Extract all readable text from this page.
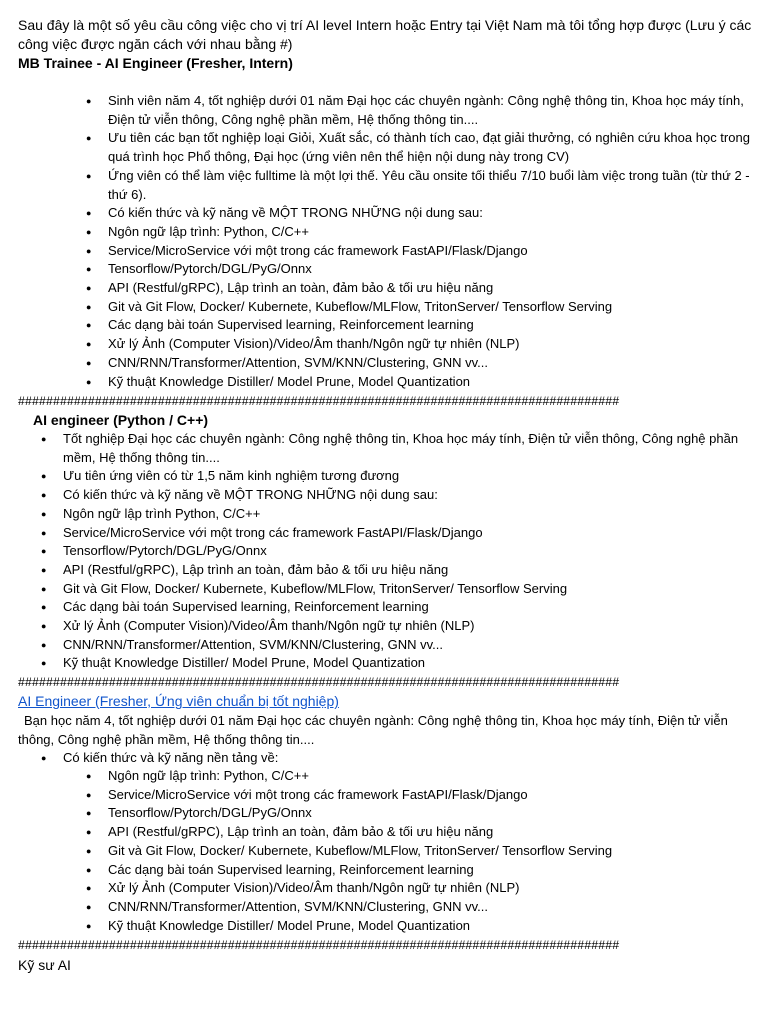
Sau đây là một số yêu cầu công việc cho vị trí AI level Intern hoặc Entry tại Việt Nam mà tôi tổng hợp được (Lưu ý các công việc được ngăn cách với nhau bằng #)

MB Trainee - AI Engineer (Fresher, Intern)

● Sinh viên năm 4, tốt nghiệp dưới 01 năm Đại học các chuyên ngành: Công nghệ thông tin, Khoa học máy tính, Điện tử viễn thông, Công nghệ phần mềm, Hệ thống thông tin....
● Ưu tiên các bạn tốt nghiệp loại Giỏi, Xuất sắc, có thành tích cao, đạt giải thưởng, có nghiên cứu khoa học trong quá trình học Phổ thông, Đại học (ứng viên nên thể hiện nội dung này trong CV)
● Ứng viên có thể làm việc fulltime là một lợi thế. Yêu cầu onsite tối thiểu 7/10 buổi làm việc trong tuần (từ thứ 2 - thứ 6).
● Có kiến thức và kỹ năng về MỘT TRONG NHỮNG nội dung sau:
● Ngôn ngữ lập trình: Python, C/C++
● Service/MicroService với một trong các framework FastAPI/Flask/Django
● Tensorflow/Pytorch/DGL/PyG/Onnx
● API (Restful/gRPC), Lập trình an toàn, đảm bảo & tối ưu hiệu năng
● Git và Git Flow, Docker/ Kubernete, Kubeflow/MLFlow, TritonServer/ Tensorflow Serving
● Các dạng bài toán Supervised learning, Reinforcement learning
● Xử lý Ảnh (Computer Vision)/Video/Âm thanh/Ngôn ngữ tự nhiên (NLP)
● CNN/RNN/Transformer/Attention, SVM/KNN/Clustering, GNN vv...
● Kỹ thuật Knowledge Distiller/ Model Prune, Model Quantization
######################################################################################

AI engineer (Python / C++)

● Tốt nghiệp Đại học các chuyên ngành: Công nghệ thông tin, Khoa học máy tính, Điện tử viễn thông, Công nghệ phần mềm, Hệ thống thông tin....
● Ưu tiên ứng viên có từ 1,5 năm kinh nghiệm tương đương
● Có kiến thức và kỹ năng về MỘT TRONG NHỮNG nội dung sau:
● Ngôn ngữ lập trình Python, C/C++
● Service/MicroService với một trong các framework FastAPI/Flask/Django
● Tensorflow/Pytorch/DGL/PyG/Onnx
● API (Restful/gRPC), Lập trình an toàn, đảm bảo & tối ưu hiệu năng
● Git và Git Flow, Docker/ Kubernete, Kubeflow/MLFlow, TritonServer/ Tensorflow Serving
● Các dạng bài toán Supervised learning, Reinforcement learning
● Xử lý Ảnh (Computer Vision)/Video/Âm thanh/Ngôn ngữ tự nhiên (NLP)
● CNN/RNN/Transformer/Attention, SVM/KNN/Clustering, GNN vv...
● Kỹ thuật Knowledge Distiller/ Model Prune, Model Quantization
######################################################################################
AI Engineer (Fresher, Ứng viên chuẩn bị tốt nghiệp)

Bạn học năm 4, tốt nghiệp dưới 01 năm Đại học các chuyên ngành: Công nghệ thông tin, Khoa học máy tính, Điện tử viễn thông, Công nghệ phần mềm, Hệ thống thông tin....

● Có kiến thức và kỹ năng nền tảng về:
● Ngôn ngữ lập trình: Python, C/C++
● Service/MicroService với một trong các framework FastAPI/Flask/Django
● Tensorflow/Pytorch/DGL/PyG/Onnx
● API (Restful/gRPC), Lập trình an toàn, đảm bảo & tối ưu hiệu năng
● Git và Git Flow, Docker/ Kubernete, Kubeflow/MLFlow, TritonServer/ Tensorflow Serving
● Các dạng bài toán Supervised learning, Reinforcement learning
● Xử lý Ảnh (Computer Vision)/Video/Âm thanh/Ngôn ngữ tự nhiên (NLP)
● CNN/RNN/Transformer/Attention, SVM/KNN/Clustering, GNN vv...
● Kỹ thuật Knowledge Distiller/ Model Prune, Model Quantization
######################################################################################

Kỹ sư AI
